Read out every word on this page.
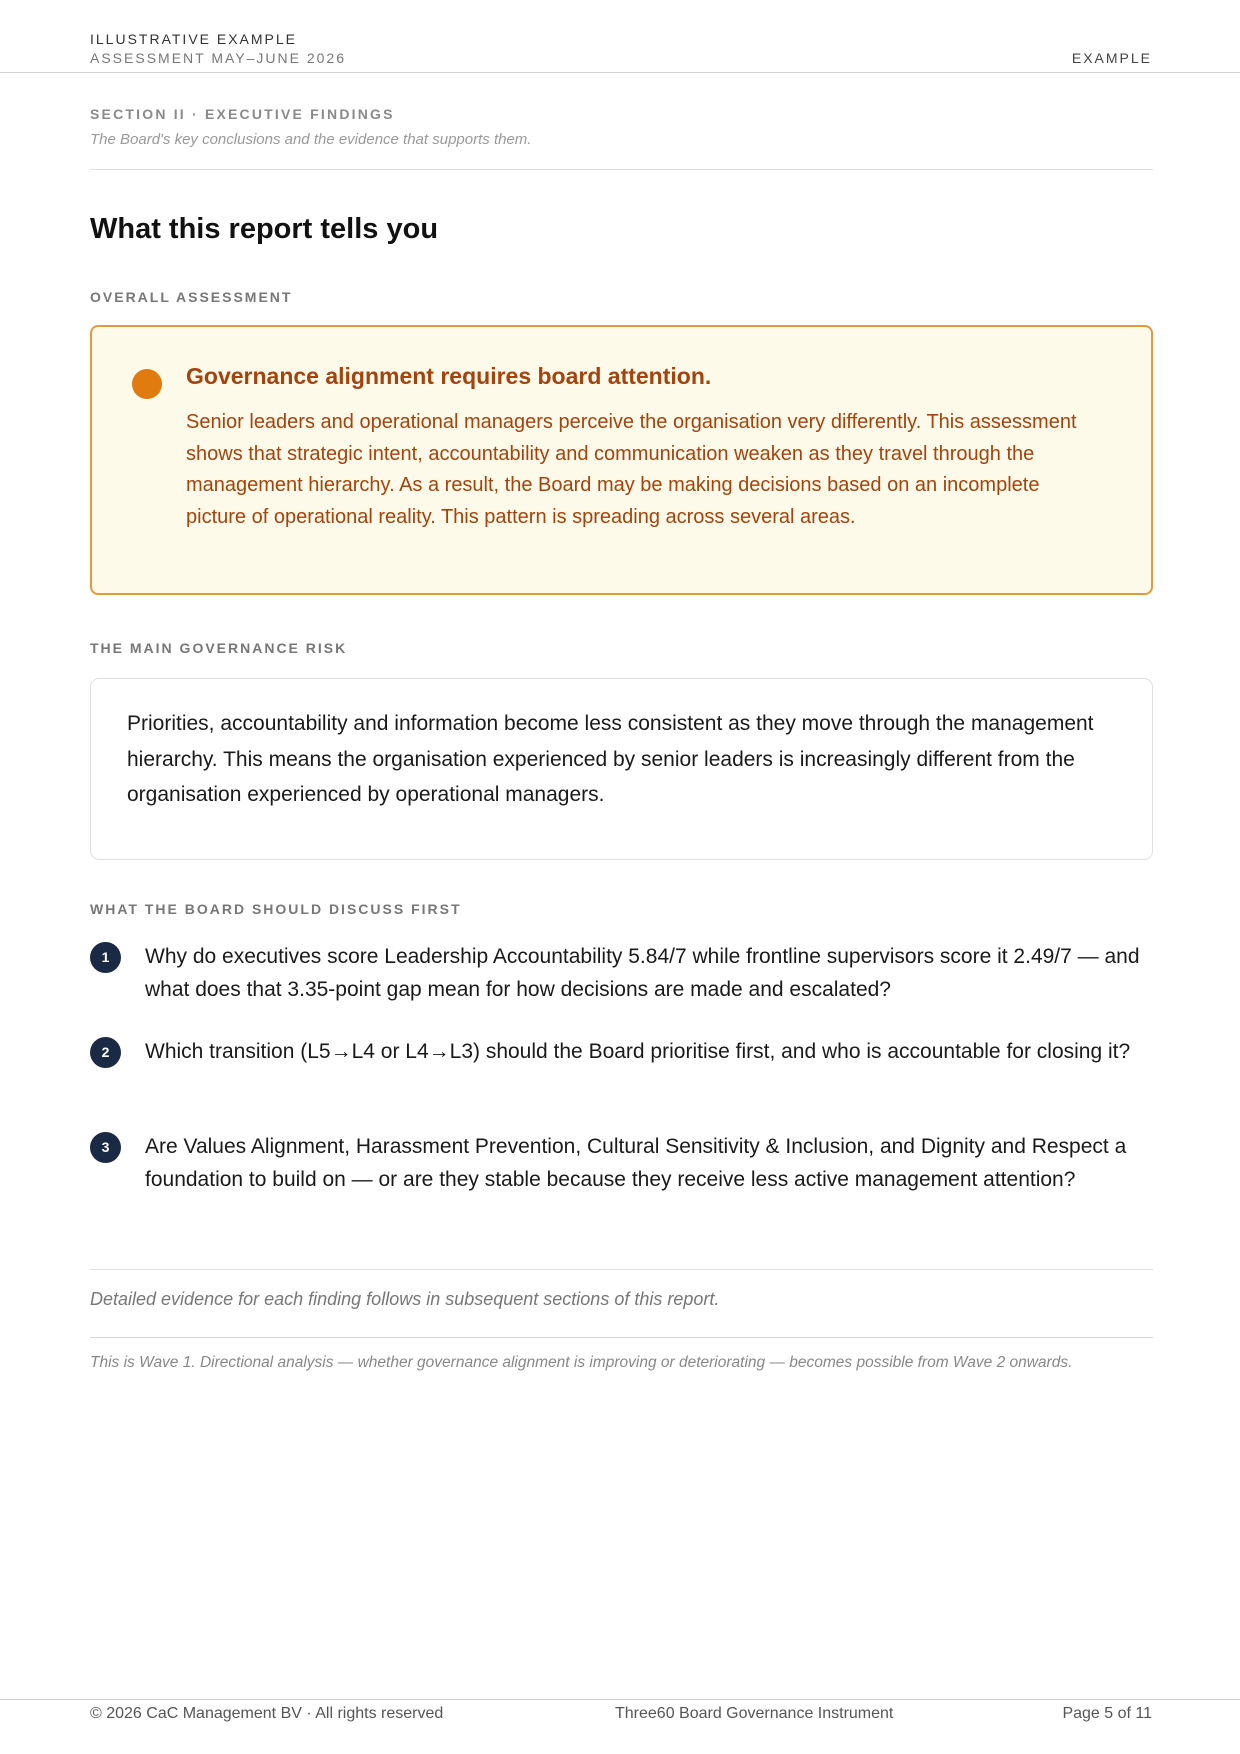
ILLUSTRATIVE EXAMPLE
ASSESSMENT MAY–JUNE 2026	EXAMPLE
SECTION II · EXECUTIVE FINDINGS
The Board's key conclusions and the evidence that supports them.
What this report tells you
OVERALL ASSESSMENT
Governance alignment requires board attention.
Senior leaders and operational managers perceive the organisation very differently. This assessment shows that strategic intent, accountability and communication weaken as they travel through the management hierarchy. As a result, the Board may be making decisions based on an incomplete picture of operational reality. This pattern is spreading across several areas.
THE MAIN GOVERNANCE RISK
Priorities, accountability and information become less consistent as they move through the management hierarchy. This means the organisation experienced by senior leaders is increasingly different from the organisation experienced by operational managers.
WHAT THE BOARD SHOULD DISCUSS FIRST
1	Why do executives score Leadership Accountability 5.84/7 while frontline supervisors score it 2.49/7 — and what does that 3.35-point gap mean for how decisions are made and escalated?
2	Which transition (L5→L4 or L4→L3) should the Board prioritise first, and who is accountable for closing it?
3	Are Values Alignment, Harassment Prevention, Cultural Sensitivity & Inclusion, and Dignity and Respect a foundation to build on — or are they stable because they receive less active management attention?
Detailed evidence for each finding follows in subsequent sections of this report.
This is Wave 1. Directional analysis — whether governance alignment is improving or deteriorating — becomes possible from Wave 2 onwards.
© 2026 CaC Management BV · All rights reserved	Three60 Board Governance Instrument	Page 5 of 11
